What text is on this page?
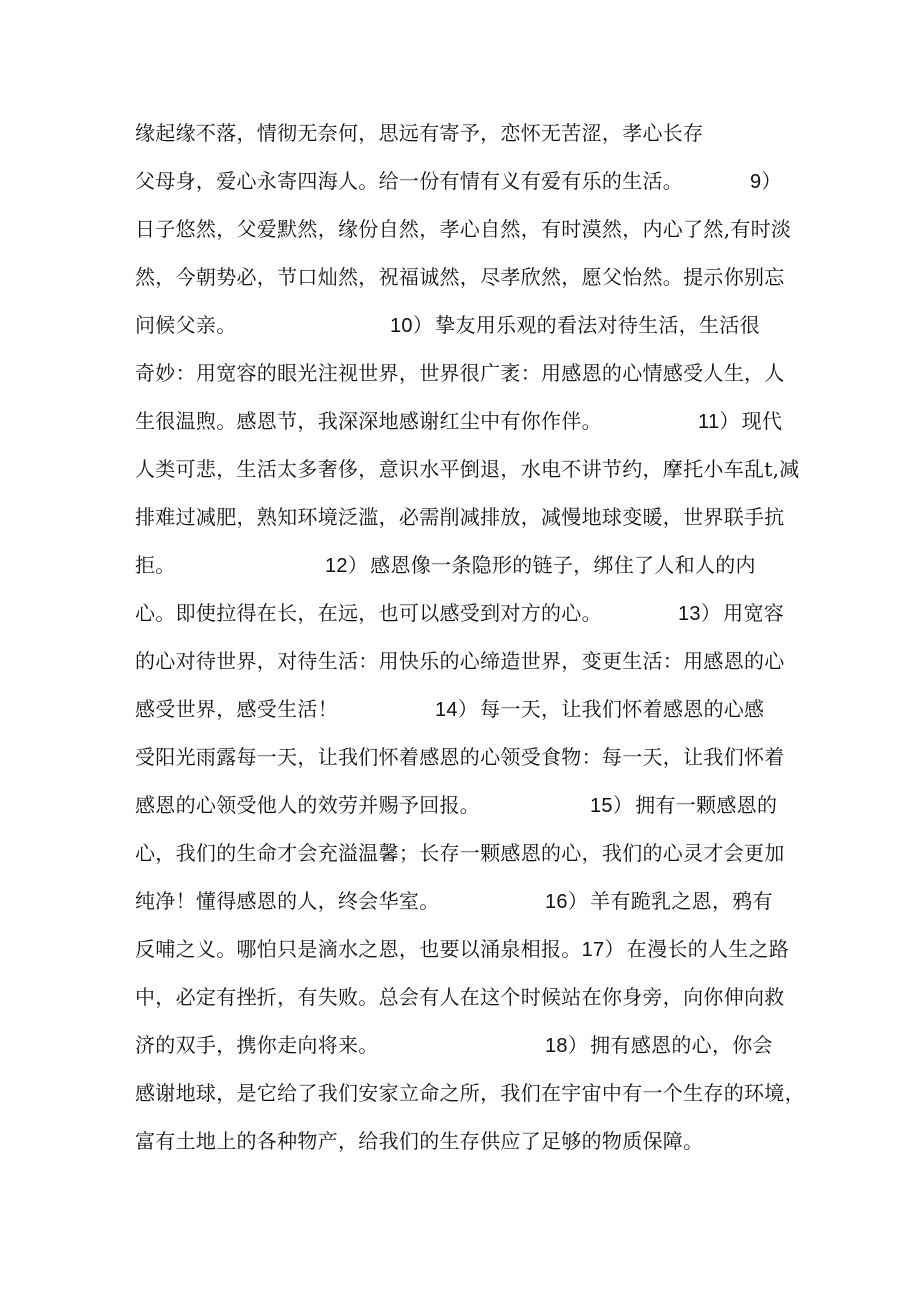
缘起缘不落，情彻无奈何，思远有寄予，恋怀无苦涩，孝心长存
父母身，爱心永寄四海人。给一份有情有义有爱有乐的生活。	9）
日子悠然，父爱默然，缘份自然，孝心自然，有时漠然，内心了然,有时淡
然，今朝势必，节口灿然，祝福诚然，尽孝欣然，愿父怡然。提示你别忘
问候父亲。	10） 挚友用乐观的看法对待生活，生活很
奇妙：用宽容的眼光注视世界，世界很广袤：用感恩的心情感受人生，人
生很温煦。感恩节，我深深地感谢红尘中有你作伴。	11） 现代
人类可悲，生活太多奢侈，意识水平倒退，水电不讲节约，摩托小车乱t,减
排难过减肥，熟知环境泛滥，必需削减排放，减慢地球变暖，世界联手抗
拒。	12） 感恩像一条隐形的链子，绑住了人和人的内
心。即使拉得在长，在远，也可以感受到对方的心。	13） 用宽容
的心对待世界，对待生活：用快乐的心缔造世界，变更生活：用感恩的心
感受世界，感受生活！	14） 每一天，让我们怀着感恩的心感
受阳光雨露每一天，让我们怀着感恩的心领受食物：每一天，让我们怀着
感恩的心领受他人的效劳并赐予回报。	15） 拥有一颗感恩的
心，我们的生命才会充溢温馨；长存一颗感恩的心，我们的心灵才会更加
纯净！懂得感恩的人，终会华室。	16） 羊有跪乳之恩，鸦有
反哺之义。哪怕只是滴水之恩，也要以涌泉相报。17） 在漫长的人生之路
中，必定有挫折，有失败。总会有人在这个时候站在你身旁，向你伸向救
济的双手，携你走向将来。	18） 拥有感恩的心，你会
感谢地球，是它给了我们安家立命之所，我们在宇宙中有一个生存的环境，
富有土地上的各种物产，给我们的生存供应了足够的物质保障。
